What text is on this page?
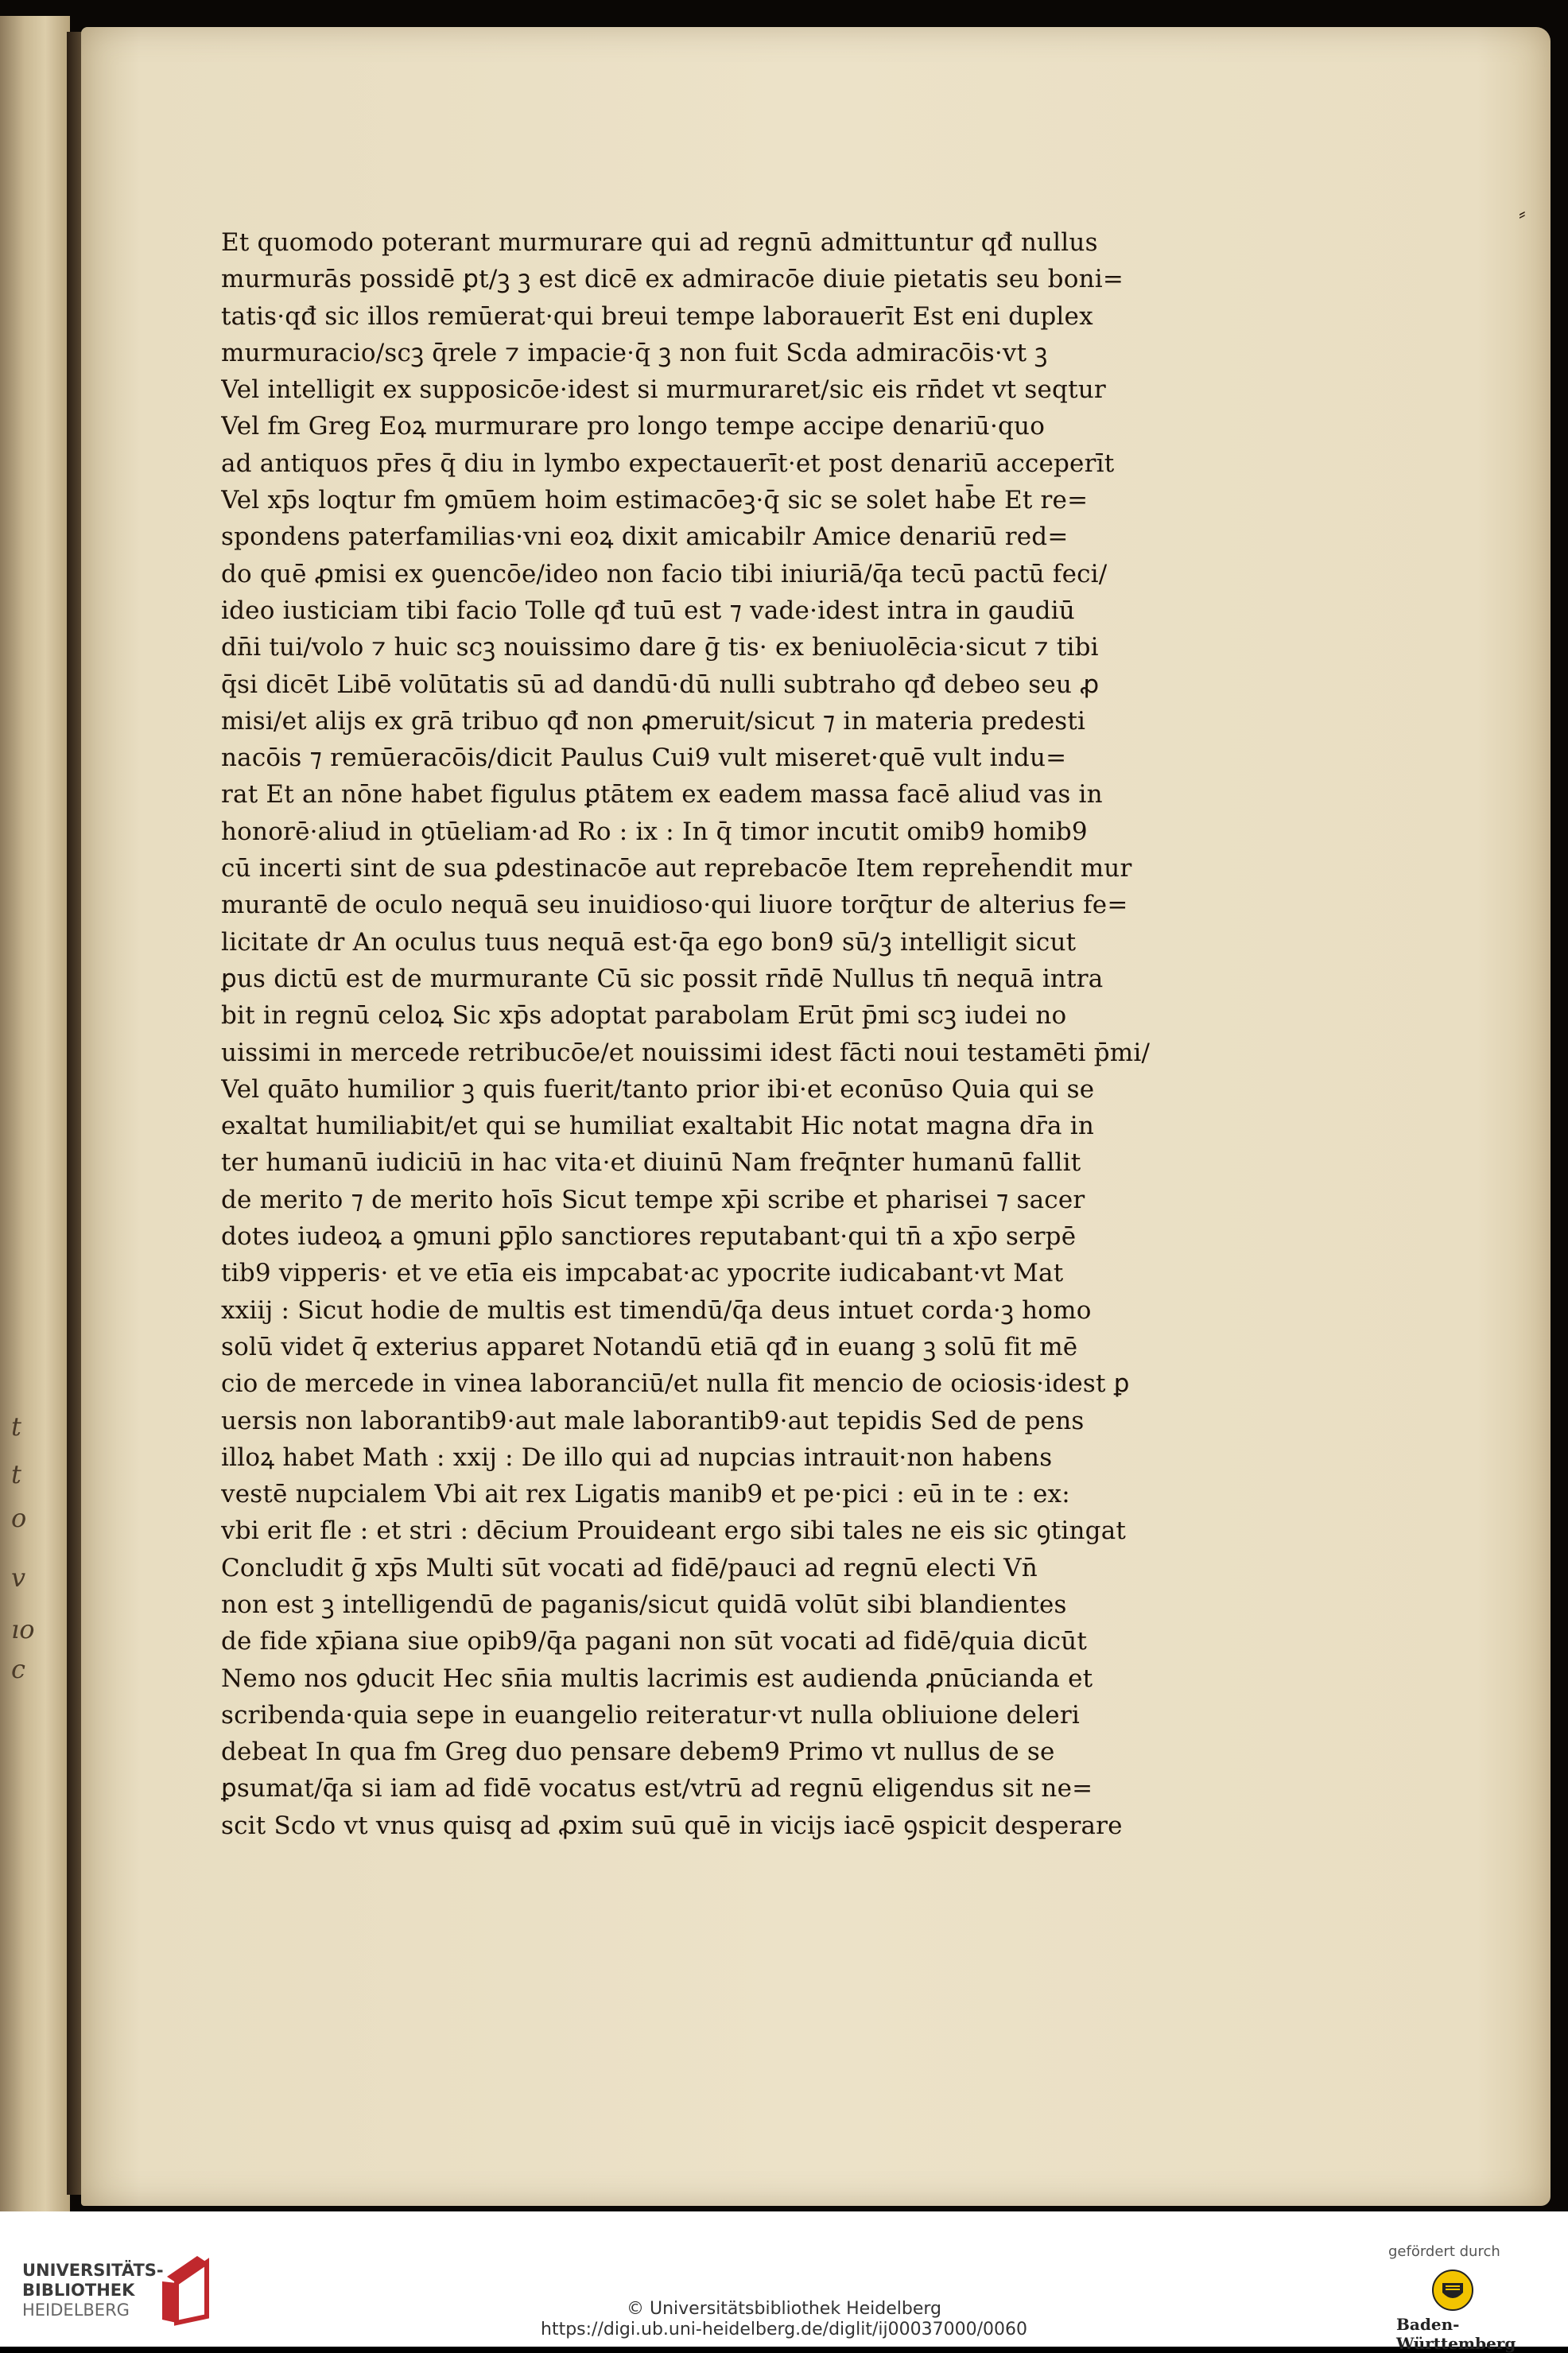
t
t
o
v
ıo
c
⸗
Et quomodo poterant murmurare qui ad regnū admittuntur qđ nullus
murmurās possidē ꝑt/ꝫ ꝫ est dicē ex admiracōe diuie pietatis seu boni=
tatis·qđ sic illos remūerat·qui breui tempe laborauerīt Est eni duplex
murmuracio/scꝫ q̄rele ⁊ impacie·q̄ ꝫ non fuit Scda admiracōis·vt ꝫ
Vel intelligit ex supposicōe·idest si murmuraret/sic eis rn̄det vt seqtur
Vel fm Greg Eoꝝ murmurare pro longo tempe accipe denariū·quo
ad antiquos pr̄es q̄ diu in lymbo expectauerīt·et post denariū acceperīt
Vel xp̄s loqtur fm ꝯmūem hoim estimacōeꝫ·q̄ sic se solet hab̄e Et re=
spondens paterfamilias·vni eoꝝ dixit amicabilr Amice denariū red=
do quē ꝓmisi ex ꝯuencōe/ideo non facio tibi iniuriā/q̄a tecū pactū feci/
ideo iusticiam tibi facio Tolle qđ tuū est ⁊ vade·idest intra in gaudiū
dn̄i tui/volo ⁊ huic scꝫ nouissimo dare ḡ tis· ex beniuolēcia·sicut ⁊ tibi
q̄si dicēt Libē volūtatis sū ad dandū·dū nulli subtraho qđ debeo seu ꝓ
misi/et alijs ex grā tribuo qđ non ꝓmeruit/sicut ⁊ in materia predesti
nacōis ⁊ remūeracōis/dicit Paulus Cui9 vult miseret·quē vult indu=
rat Et an nōne habet figulus ꝑtātem ex eadem massa facē aliud vas in
honorē·aliud in ꝯtūeliam·ad Ro : ix : In q̄ timor incutit omib9 homib9
cū incerti sint de sua ꝑdestinacōe aut reprebacōe Item repreh̄endit mur
murantē de oculo nequā seu inuidioso·qui liuore torq̄tur de alterius fe=
licitate dr An oculus tuus nequā est·q̄a ego bon9 sū/ꝫ intelligit sicut
ꝑus dictū est de murmurante Cū sic possit rn̄dē Nullus tn̄ nequā intra
bit in regnū celoꝝ Sic xp̄s adoptat parabolam Erūt p̄mi scꝫ iudei no
uissimi in mercede retribucōe/et nouissimi idest fācti noui testamēti p̄mi/
Vel quāto humilior ꝫ quis fuerit/tanto prior ibi·et econūso Quia qui se
exaltat humiliabit/et qui se humiliat exaltabit Hic notat magna dr̄a in
ter humanū iudiciū in hac vita·et diuinū Nam freq̄nter humanū fallit
de merito ⁊ de merito hoīs Sicut tempe xp̄i scribe et pharisei ⁊ sacer
dotes iudeoꝝ a ꝯmuni ꝑp̄lo sanctiores reputabant·qui tn̄ a xp̄o serpē
tib9 vipperis· et ve etīa eis impcabat·ac ypocrite iudicabant·vt Mat
xxiij : Sicut hodie de multis est timendū/q̄a deus intuet corda·ꝫ homo
solū videt q̄ exterius apparet Notandū etiā qđ in euang ꝫ solū fit mē
cio de mercede in vinea laboranciū/et nulla fit mencio de ociosis·idest ꝑ
uersis non laborantib9·aut male laborantib9·aut tepidis Sed de pens
illoꝝ habet Math : xxij : De illo qui ad nupcias intrauit·non habens
vestē nupcialem Vbi ait rex Ligatis manib9 et pe·pici : eū in te : ex:
vbi erit fle : et stri : dēcium Prouideant ergo sibi tales ne eis sic ꝯtingat
Concludit ḡ xp̄s Multi sūt vocati ad fidē/pauci ad regnū electi Vn̄
non est ꝫ intelligendū de paganis/sicut quidā volūt sibi blandientes
de fide xp̄iana siue opib9/q̄a pagani non sūt vocati ad fidē/quia dicūt
Nemo nos ꝯducit Hec sn̄ia multis lacrimis est audienda ꝓnūcianda et
scribenda·quia sepe in euangelio reiteratur·vt nulla obliuione deleri
debeat In qua fm Greg duo pensare debem9 Primo vt nullus de se
ꝑsumat/q̄a si iam ad fidē vocatus est/vtrū ad regnū eligendus sit ne=
scit Scdo vt vnus quisq ad ꝓxim suū quē in vicijs iacē ꝯspicit desperare
UNIVERSITÄTS-
BIBLIOTHEK
HEIDELBERG	© Universitätsbibliothek Heidelberg
https://digi.ub.uni-heidelberg.de/diglit/ij00037000/0060
gefördert durch
Baden-Württemberg
